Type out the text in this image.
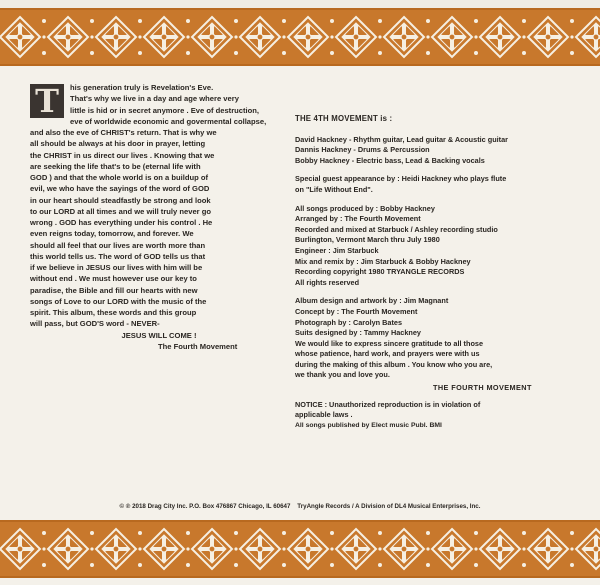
T	his generation truly is Revelation's Eve.
That's why we live in a day and age where very
little is hid or in secret anymore . Eve of destruction,
eve of worldwide economic and govermental collapse,
and also the eve of CHRIST's return. That is why we
all should be always at his door in prayer, letting
the CHRIST in us direct our lives . Knowing that we
are seeking the life that's to be (eternal life with
GOD ) and that the whole world is on a buildup of
evil, we who have the sayings of the word of GOD
in our heart should steadfastly be strong and look
to our LORD at all times and we will truly never go
wrong . GOD has everything under his control . He
even reigns today, tomorrow, and forever. We
should all feel that our lives are worth more than
this world tells us. The word of GOD tells us that
if we believe in JESUS our lives with him will be
without end . We must however use our key to
paradise, the Bible and fill our hearts with new
songs of Love to our LORD with the music of the
spirit. This album, these words and this group
will pass, but GOD'S word - NEVER-
JESUS WILL COME !
The Fourth Movement
THE 4TH MOVEMENT is :
David Hackney - Rhythm guitar, Lead guitar & Acoustic guitar
Dannis Hackney - Drums & Percussion
Bobby Hackney - Electric bass, Lead & Backing vocals
Special guest appearance by : Heidi Hackney who plays flute
on "Life Without End".
All songs produced by : Bobby Hackney
Arranged by : The Fourth Movement
Recorded and mixed at Starbuck / Ashley recording studio
Burlington, Vermont March thru July 1980
Engineer : Jim Starbuck
Mix and remix by : Jim Starbuck & Bobby Hackney
Recording copyright 1980 TRYANGLE RECORDS
All rights reserved
Album design and artwork by : Jim Magnant
Concept by : The Fourth Movement
Photograph by : Carolyn Bates
Suits designed by : Tammy Hackney
We would like to express sincere gratitude to all those
whose patience, hard work, and prayers were with us
during the making of this album . You know who you are,
we thank you and love you.
THE FOURTH MOVEMENT
NOTICE : Unauthorized reproduction is in violation of
applicable laws .
All songs published by Elect music Publ. BMI
© ℗ 2018 Drag City Inc. P.O. Box 476867 Chicago, IL 60647 TryAngle Records / A Division of DL4 Musical Enterprises, Inc.
